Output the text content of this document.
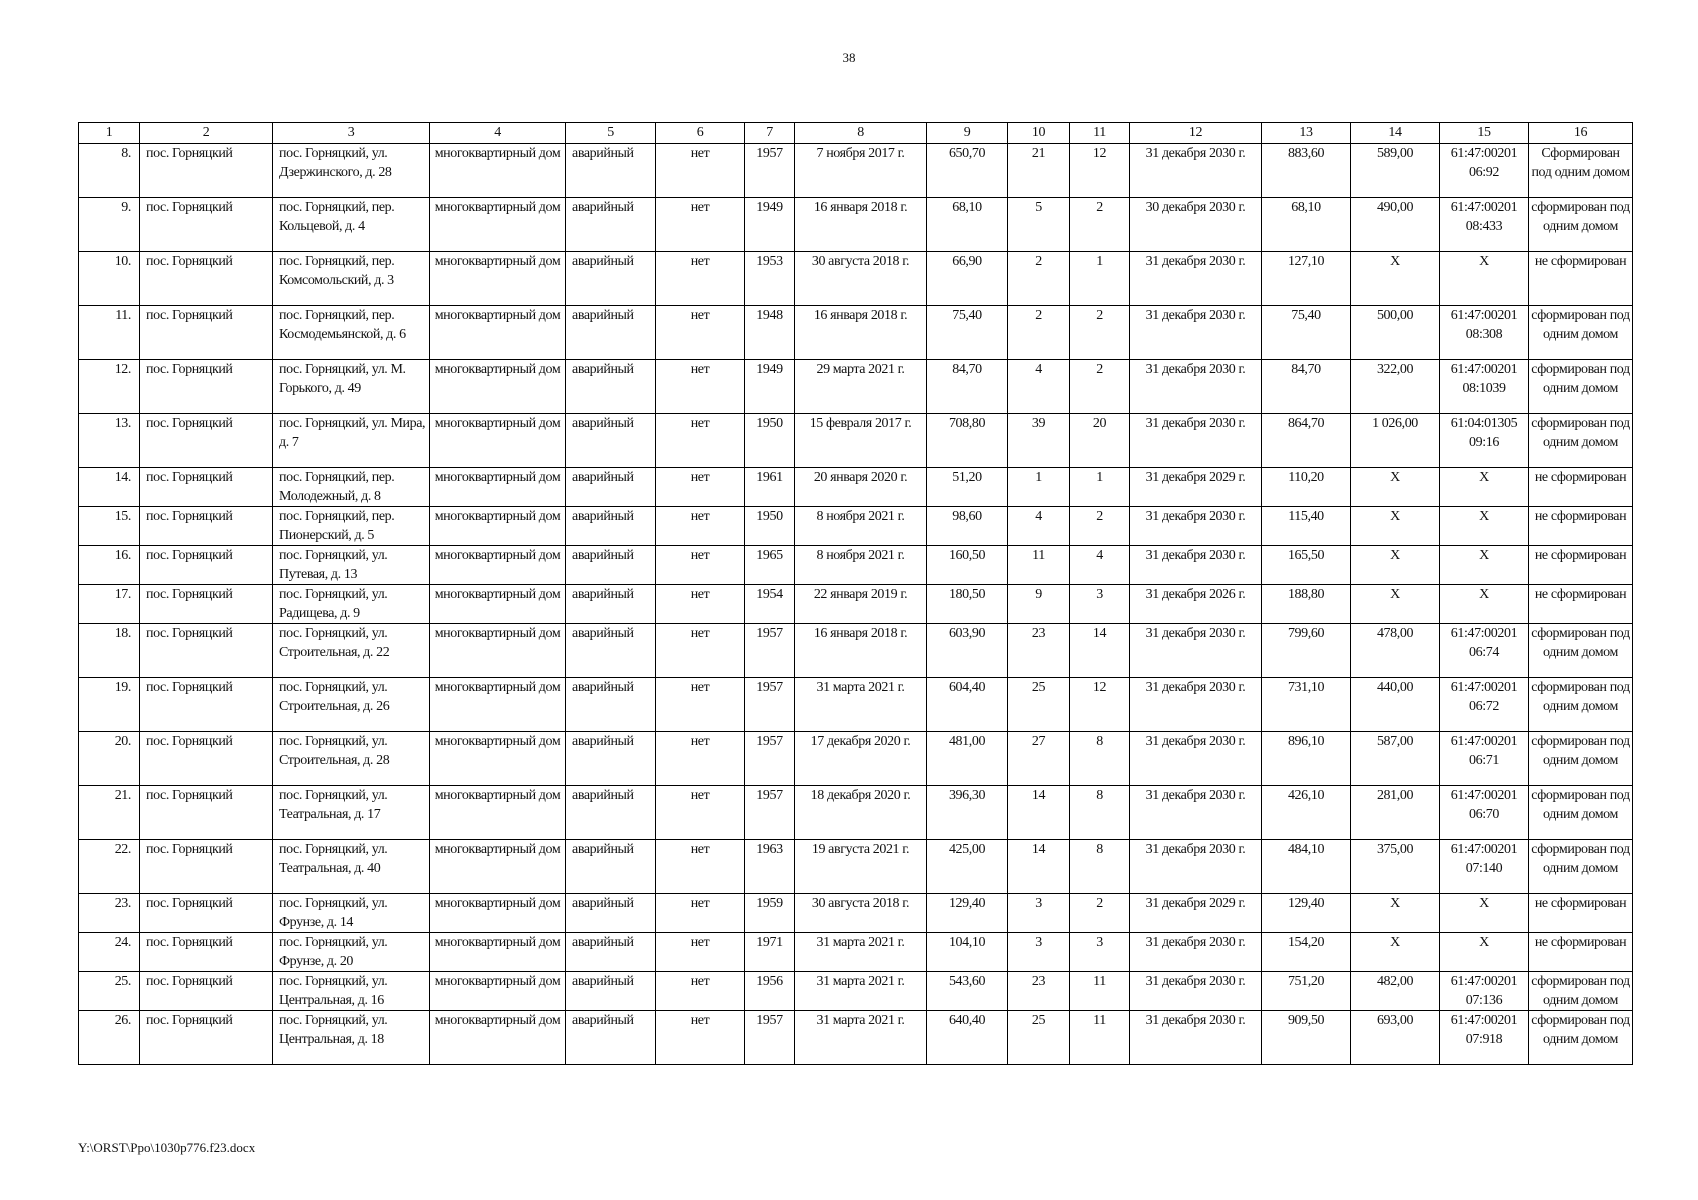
38
1	2	3	4	5	6	7	8	9	10	11	12	13	14	15	16
8.	пос. Горняцкий	пос. Горняцкий, ул. Дзержинского, д. 28	многоквартирный дом	аварийный	нет	1957	7 ноября 2017 г.	650,70	21	12	31 декабря 2030 г.	883,60	589,00	61:47:00201 06:92	Сформирован под одним домом
9.	пос. Горняцкий	пос. Горняцкий, пер. Кольцевой, д. 4	многоквартирный дом	аварийный	нет	1949	16 января 2018 г.	68,10	5	2	30 декабря 2030 г.	68,10	490,00	61:47:00201 08:433	сформирован под одним домом
10.	пос. Горняцкий	пос. Горняцкий, пер. Комсомольский, д. 3	многоквартирный дом	аварийный	нет	1953	30 августа 2018 г.	66,90	2	1	31 декабря 2030 г.	127,10	Х	Х	не сформирован
11.	пос. Горняцкий	пос. Горняцкий, пер. Космодемьянской, д. 6	многоквартирный дом	аварийный	нет	1948	16 января 2018 г.	75,40	2	2	31 декабря 2030 г.	75,40	500,00	61:47:00201 08:308	сформирован под одним домом
12.	пос. Горняцкий	пос. Горняцкий, ул. М. Горького, д. 49	многоквартирный дом	аварийный	нет	1949	29 марта 2021 г.	84,70	4	2	31 декабря 2030 г.	84,70	322,00	61:47:00201 08:1039	сформирован под одним домом
13.	пос. Горняцкий	пос. Горняцкий, ул. Мира, д. 7	многоквартирный дом	аварийный	нет	1950	15 февраля 2017 г.	708,80	39	20	31 декабря 2030 г.	864,70	1 026,00	61:04:01305 09:16	сформирован под одним домом
14.	пос. Горняцкий	пос. Горняцкий, пер. Молодежный, д. 8	многоквартирный дом	аварийный	нет	1961	20 января 2020 г.	51,20	1	1	31 декабря 2029 г.	110,20	Х	Х	не сформирован
15.	пос. Горняцкий	пос. Горняцкий, пер. Пионерский, д. 5	многоквартирный дом	аварийный	нет	1950	8 ноября 2021 г.	98,60	4	2	31 декабря 2030 г.	115,40	Х	Х	не сформирован
16.	пос. Горняцкий	пос. Горняцкий, ул. Путевая, д. 13	многоквартирный дом	аварийный	нет	1965	8 ноября 2021 г.	160,50	11	4	31 декабря 2030 г.	165,50	Х	Х	не сформирован
17.	пос. Горняцкий	пос. Горняцкий, ул. Радищева, д. 9	многоквартирный дом	аварийный	нет	1954	22 января 2019 г.	180,50	9	3	31 декабря 2026 г.	188,80	Х	Х	не сформирован
18.	пос. Горняцкий	пос. Горняцкий, ул. Строительная, д. 22	многоквартирный дом	аварийный	нет	1957	16 января 2018 г.	603,90	23	14	31 декабря 2030 г.	799,60	478,00	61:47:00201 06:74	сформирован под одним домом
19.	пос. Горняцкий	пос. Горняцкий, ул. Строительная, д. 26	многоквартирный дом	аварийный	нет	1957	31 марта 2021 г.	604,40	25	12	31 декабря 2030 г.	731,10	440,00	61:47:00201 06:72	сформирован под одним домом
20.	пос. Горняцкий	пос. Горняцкий, ул. Строительная, д. 28	многоквартирный дом	аварийный	нет	1957	17 декабря 2020 г.	481,00	27	8	31 декабря 2030 г.	896,10	587,00	61:47:00201 06:71	сформирован под одним домом
21.	пос. Горняцкий	пос. Горняцкий, ул. Театральная, д. 17	многоквартирный дом	аварийный	нет	1957	18 декабря 2020 г.	396,30	14	8	31 декабря 2030 г.	426,10	281,00	61:47:00201 06:70	сформирован под одним домом
22.	пос. Горняцкий	пос. Горняцкий, ул. Театральная, д. 40	многоквартирный дом	аварийный	нет	1963	19 августа 2021 г.	425,00	14	8	31 декабря 2030 г.	484,10	375,00	61:47:00201 07:140	сформирован под одним домом
23.	пос. Горняцкий	пос. Горняцкий, ул. Фрунзе, д. 14	многоквартирный дом	аварийный	нет	1959	30 августа 2018 г.	129,40	3	2	31 декабря 2029 г.	129,40	Х	Х	не сформирован
24.	пос. Горняцкий	пос. Горняцкий, ул. Фрунзе, д. 20	многоквартирный дом	аварийный	нет	1971	31 марта 2021 г.	104,10	3	3	31 декабря 2030 г.	154,20	Х	Х	не сформирован
25.	пос. Горняцкий	пос. Горняцкий, ул. Центральная, д. 16	многоквартирный дом	аварийный	нет	1956	31 марта 2021 г.	543,60	23	11	31 декабря 2030 г.	751,20	482,00	61:47:00201 07:136	сформирован под одним домом
26.	пос. Горняцкий	пос. Горняцкий, ул. Центральная, д. 18	многоквартирный дом	аварийный	нет	1957	31 марта 2021 г.	640,40	25	11	31 декабря 2030 г.	909,50	693,00	61:47:00201 07:918	сформирован под одним домом
Y:\ORST\Ppo\1030p776.f23.docx
